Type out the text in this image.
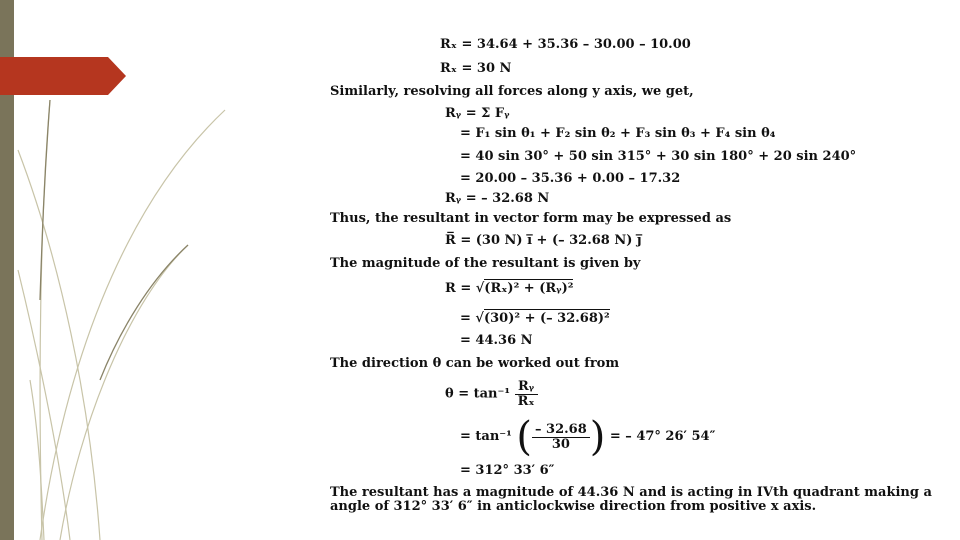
Rₓ = 34.64 + 35.36 – 30.00 – 10.00
Rₓ = 30 N
Similarly, resolving all forces along y axis, we get,
Rᵧ = Σ Fᵧ
= F₁ sin θ₁ + F₂ sin θ₂ + F₃ sin θ₃ + F₄ sin θ₄
= 40 sin 30° + 50 sin 315° + 30 sin 180° + 20 sin 240°
= 20.00 – 35.36 + 0.00 – 17.32
Rᵧ = – 32.68 N
Thus, the resultant in vector form may be expressed as
R̅ = (30 N) i̅ + (– 32.68 N) j̅
The magnitude of the resultant is given by
R = √(Rₓ)² + (Rᵧ)²
= √(30)² + (– 32.68)²
= 44.36 N
The direction θ can be worked out from
$\theta = \tan^{-1} \frac{\text{Rᵧ}}{\text{Rₓ}}$
= tan⁻¹ ( $\frac{- 32.68}{30}$ ) = – 47° 26′ 54″
= 312° 33′ 6″
The resultant has a magnitude of 44.36 N and is acting in IVth quadrant making a
angle of 312° 33′ 6″ in anticlockwise direction from positive x axis.
